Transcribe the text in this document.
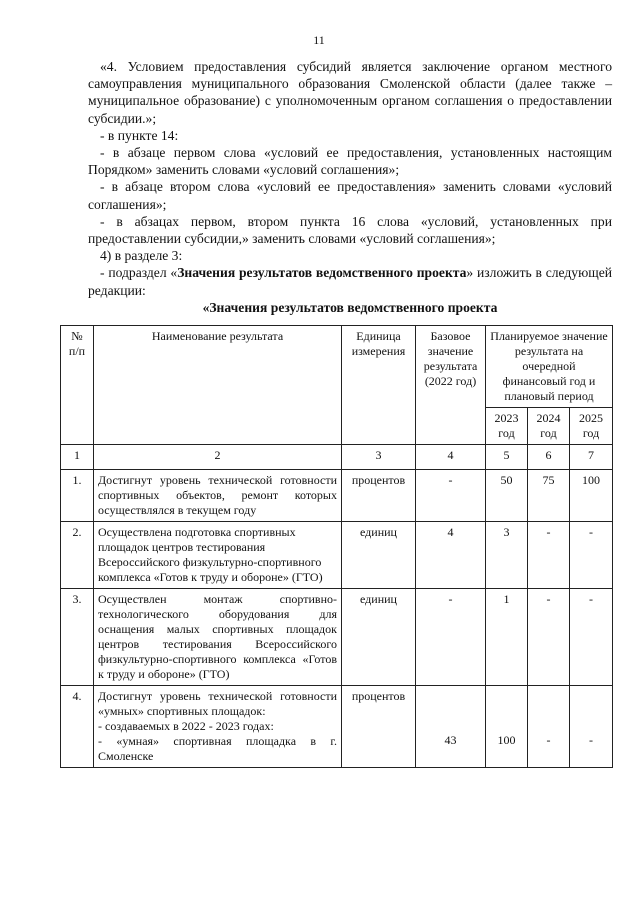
11

«4. Условием предоставления субсидий является заключение органом местного самоуправления муниципального образования Смоленской области (далее также – муниципальное образование) с уполномоченным органом соглашения о предоставлении субсидии.»;

- в пункте 14:

- в абзаце первом слова «условий ее предоставления, установленных настоящим Порядком» заменить словами «условий соглашения»;

- в абзаце втором слова «условий ее предоставления» заменить словами «условий соглашения»;

- в абзацах первом, втором пункта 16 слова «условий, установленных при предоставлении субсидии,» заменить словами «условий соглашения»;

4) в разделе 3:

- подраздел «Значения результатов ведомственного проекта» изложить в следующей редакции:

«Значения результатов ведомственного проекта

№ п/п	Наименование результата	Единица измерения	Базовое значение результата (2022 год)	Планируемое значение результата на очередной финансовый год и плановый период		
				2023 год	2024 год	2025 год
1	2	3	4	5	6	7
1.	Достигнут уровень технической готовности спортивных объектов, ремонт которых осуществлялся в текущем году	процентов	-	50	75	100
2.	Осуществлена подготовка спортивных площадок центров тестирования Всероссийского физкультурно-спортивного комплекса «Готов к труду и обороне» (ГТО)	единиц	4	3	-	-
3.	Осуществлен монтаж спортивно-технологического оборудования для оснащения малых спортивных площадок центров тестирования Всероссийского физкультурно-спортивного комплекса «Готов к труду и обороне» (ГТО)	единиц	-	1	-	-
4.	Достигнут уровень технической готовности «умных» спортивных площадок:
- создаваемых в 2022 - 2023 годах:
- «умная» спортивная площадка в г. Смоленске	процентов	43	100	-	-
